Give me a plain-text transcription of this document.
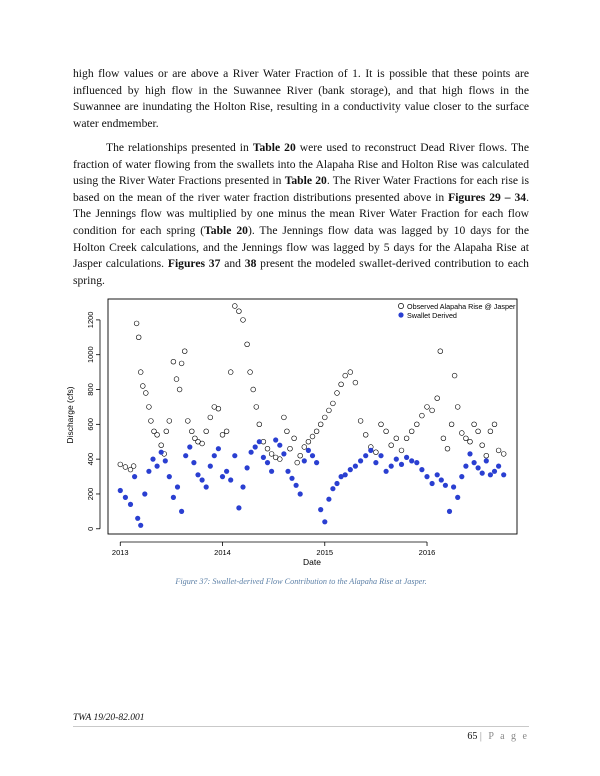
high flow values or are above a River Water Fraction of 1. It is possible that these points are influenced by high flow in the Suwannee River (bank storage), and that high flows in the Suwannee are inundating the Holton Rise, resulting in a conductivity value closer to the surface water endmember.

The relationships presented in Table 20 were used to reconstruct Dead River flows. The fraction of water flowing from the swallets into the Alapaha Rise and Holton Rise was calculated using the River Water Fractions presented in Table 20. The River Water Fractions for each rise is based on the mean of the river water fraction distributions presented above in Figures 29 – 34. The Jennings flow was multiplied by one minus the mean River Water Fraction for each flow condition for each spring (Table 20). The Jennings flow data was lagged by 10 days for the Holton Creek calculations, and the Jennings flow was lagged by 5 days for the Alapaha Rise at Jasper calculations. Figures 37 and 38 present the modeled swallet-derived contribution to each spring.

0
200
400
600
800
1000
1200
2013	2014	2015	2016
Discharge (cfs)
Date
Observed Alapaha Rise @ Jasper
Swallet Derived
Figure 37: Swallet-derived Flow Contribution to the Alapaha Rise at Jasper.
TWA 19/20-82.001
65 | P a g e
